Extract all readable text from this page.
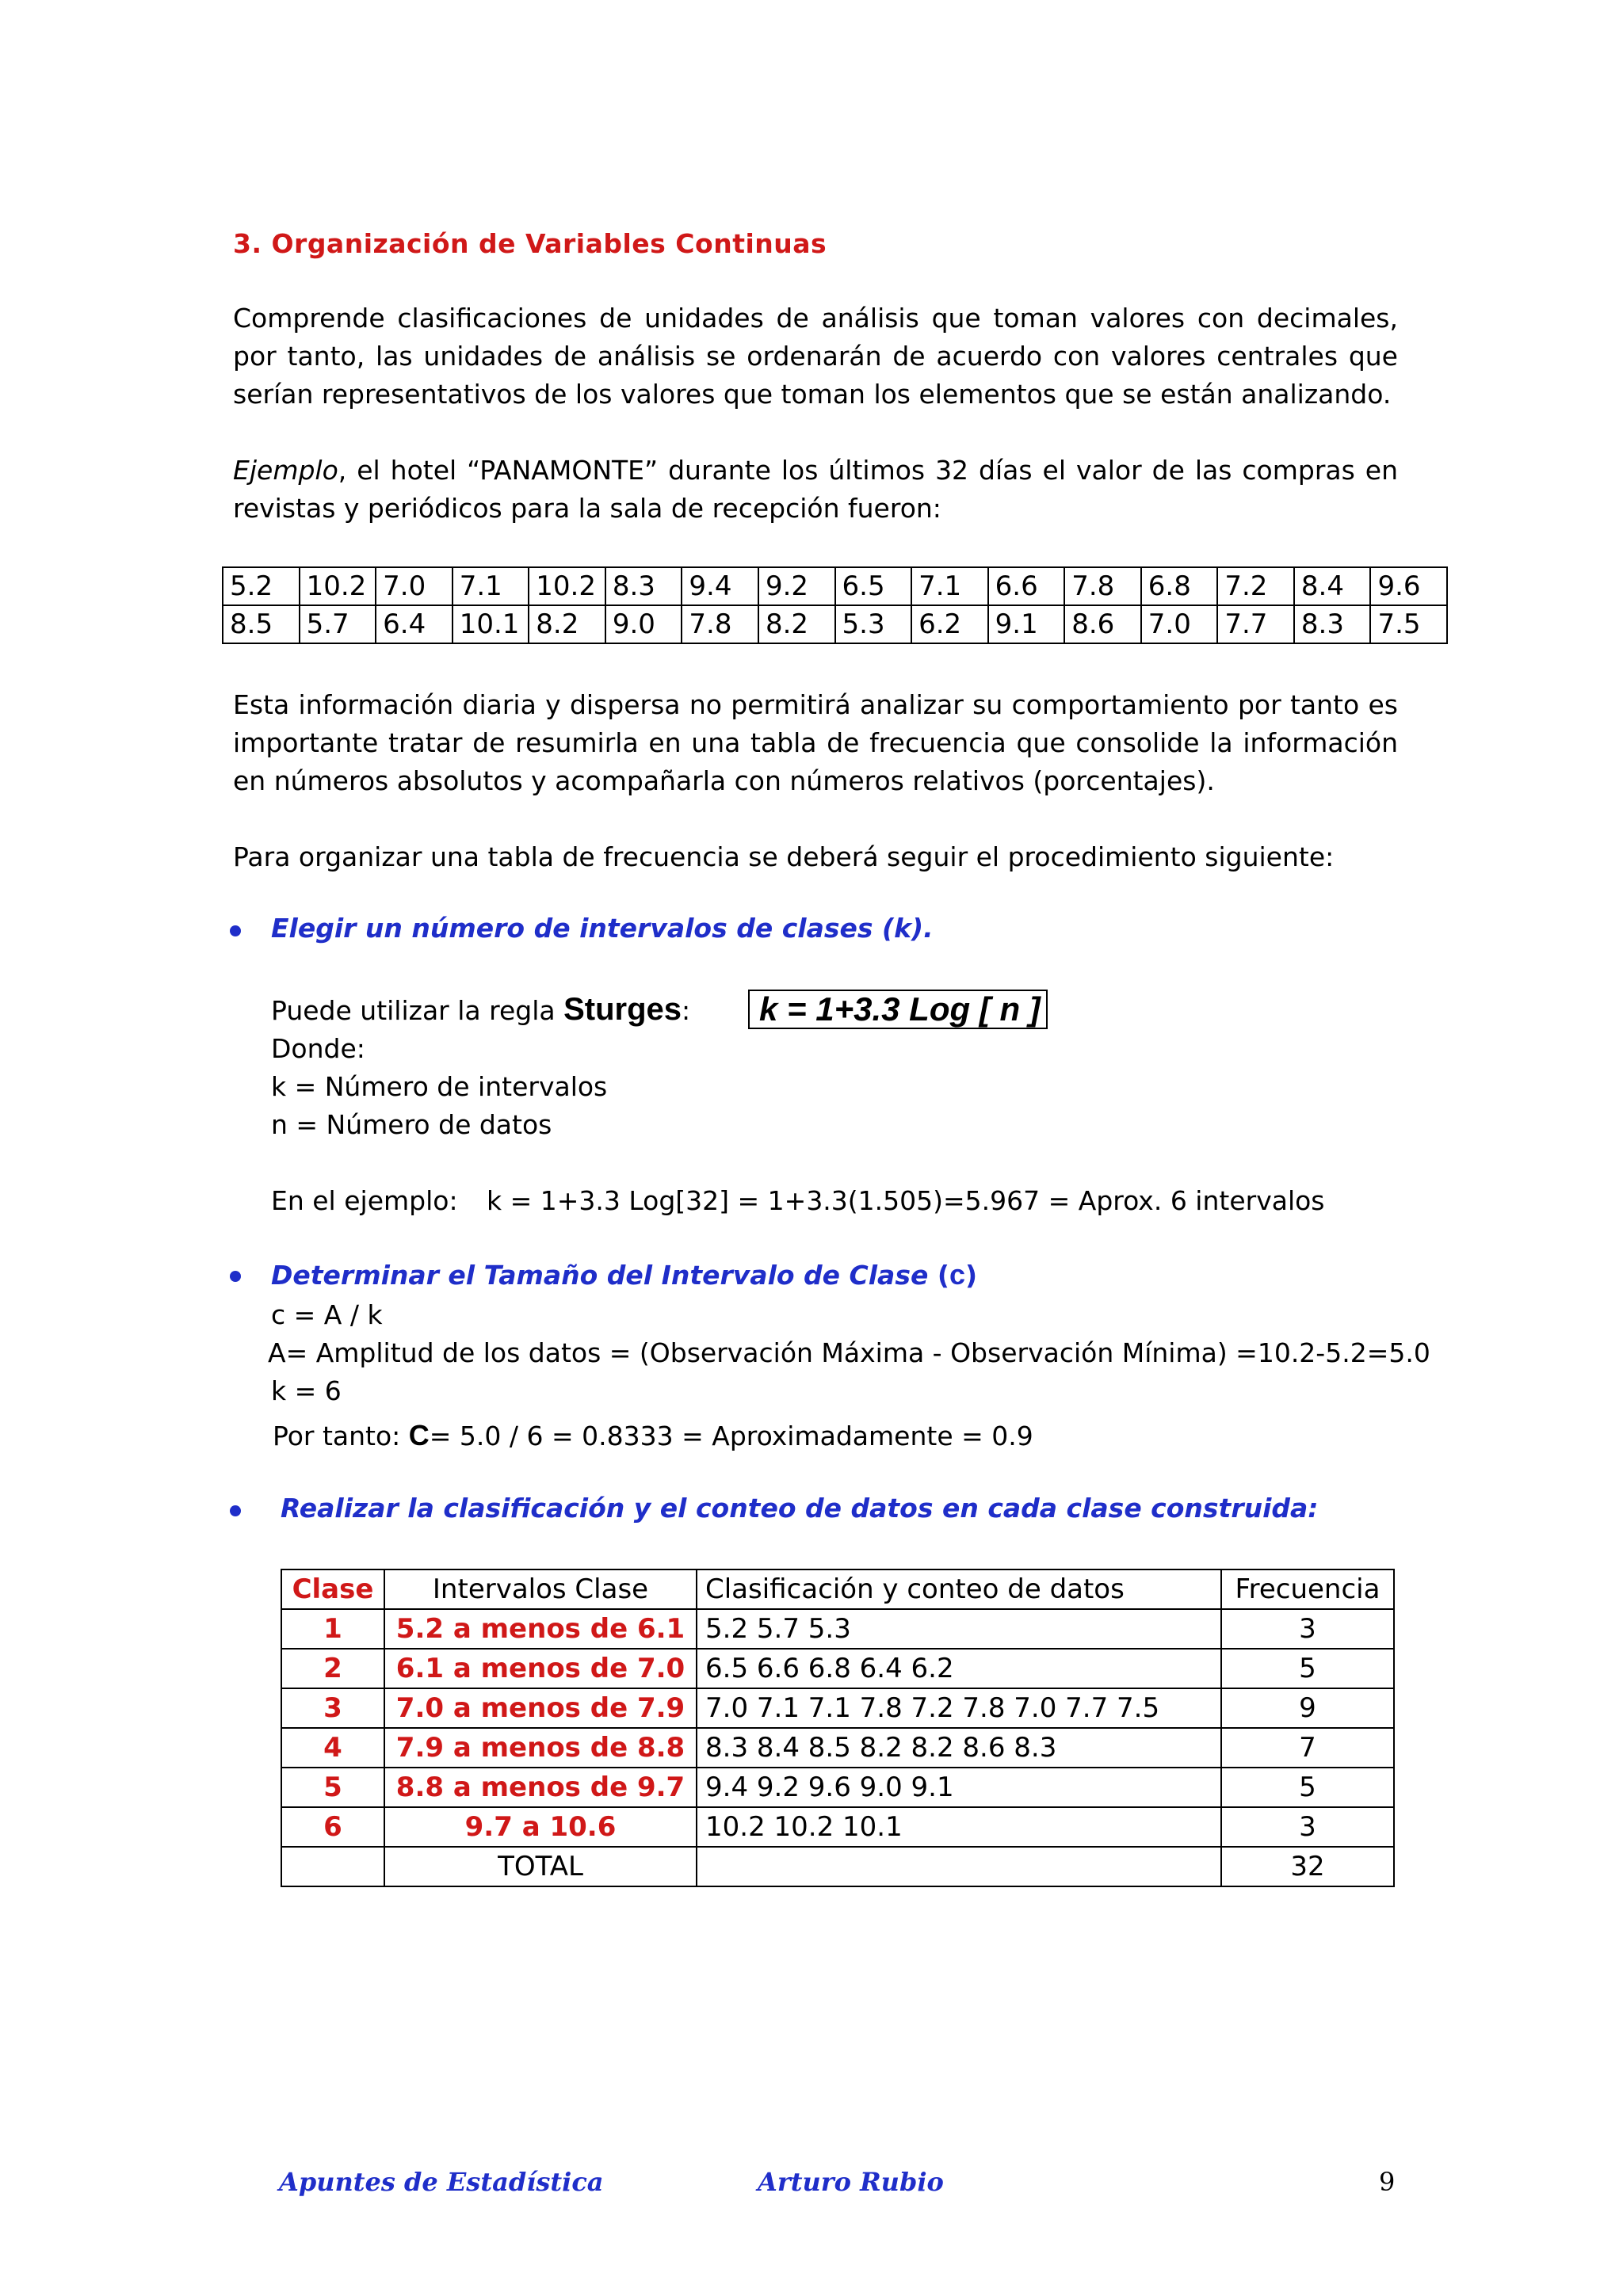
3. Organización de Variables Continuas

Comprende clasificaciones de unidades de análisis que toman valores con decimales, por tanto, las unidades de análisis se ordenarán de acuerdo con valores centrales que serían representativos de los valores que toman los elementos que se están analizando.

Ejemplo, el hotel “PANAMONTE” durante los últimos 32 días el valor de las compras en revistas y periódicos para la sala de recepción fueron:

5.2	10.2	7.0	7.1	10.2	8.3	9.4	9.2	6.5	7.1	6.6	7.8	6.8	7.2	8.4	9.6
8.5	5.7	6.4	10.1	8.2	9.0	7.8	8.2	5.3	6.2	9.1	8.6	7.0	7.7	8.3	7.5

Esta información diaria y dispersa no permitirá analizar su comportamiento por tanto es importante tratar de resumirla en una tabla de frecuencia que consolide la información en números absolutos y acompañarla con números relativos (porcentajes).

Para organizar una tabla de frecuencia se deberá seguir el procedimiento siguiente:

Elegir un número de intervalos de clases (k).
Puede utilizar la regla Sturges:	k = 1+3.3 Log [ n ]
Donde:
k = Número de intervalos
n = Número de datos
En el ejemplo: k = 1+3.3 Log[32] = 1+3.3(1.505)=5.967 = Aprox. 6 intervalos
Determinar el Tamaño del Intervalo de Clase (c)
c = A / k
A= Amplitud de los datos = (Observación Máxima - Observación Mínima) =10.2-5.2=5.0
k = 6
Por tanto: C= 5.0 / 6 = 0.8333 = Aproximadamente = 0.9
Realizar la clasificación y el conteo de datos en cada clase construida:
Clase	Intervalos Clase	Clasificación y conteo de datos	Frecuencia
1	5.2 a menos de 6.1	5.2 5.7 5.3	3
2	6.1 a menos de 7.0	6.5 6.6 6.8 6.4 6.2	5
3	7.0 a menos de 7.9	7.0 7.1 7.1 7.8 7.2 7.8 7.0 7.7 7.5	9
4	7.9 a menos de 8.8	8.3 8.4 8.5 8.2 8.2 8.6 8.3	7
5	8.8 a menos de 9.7	9.4 9.2 9.6 9.0 9.1	5
6	9.7 a 10.6	10.2 10.2 10.1	3
	TOTAL		32
Apuntes de Estadística	Arturo Rubio	9
